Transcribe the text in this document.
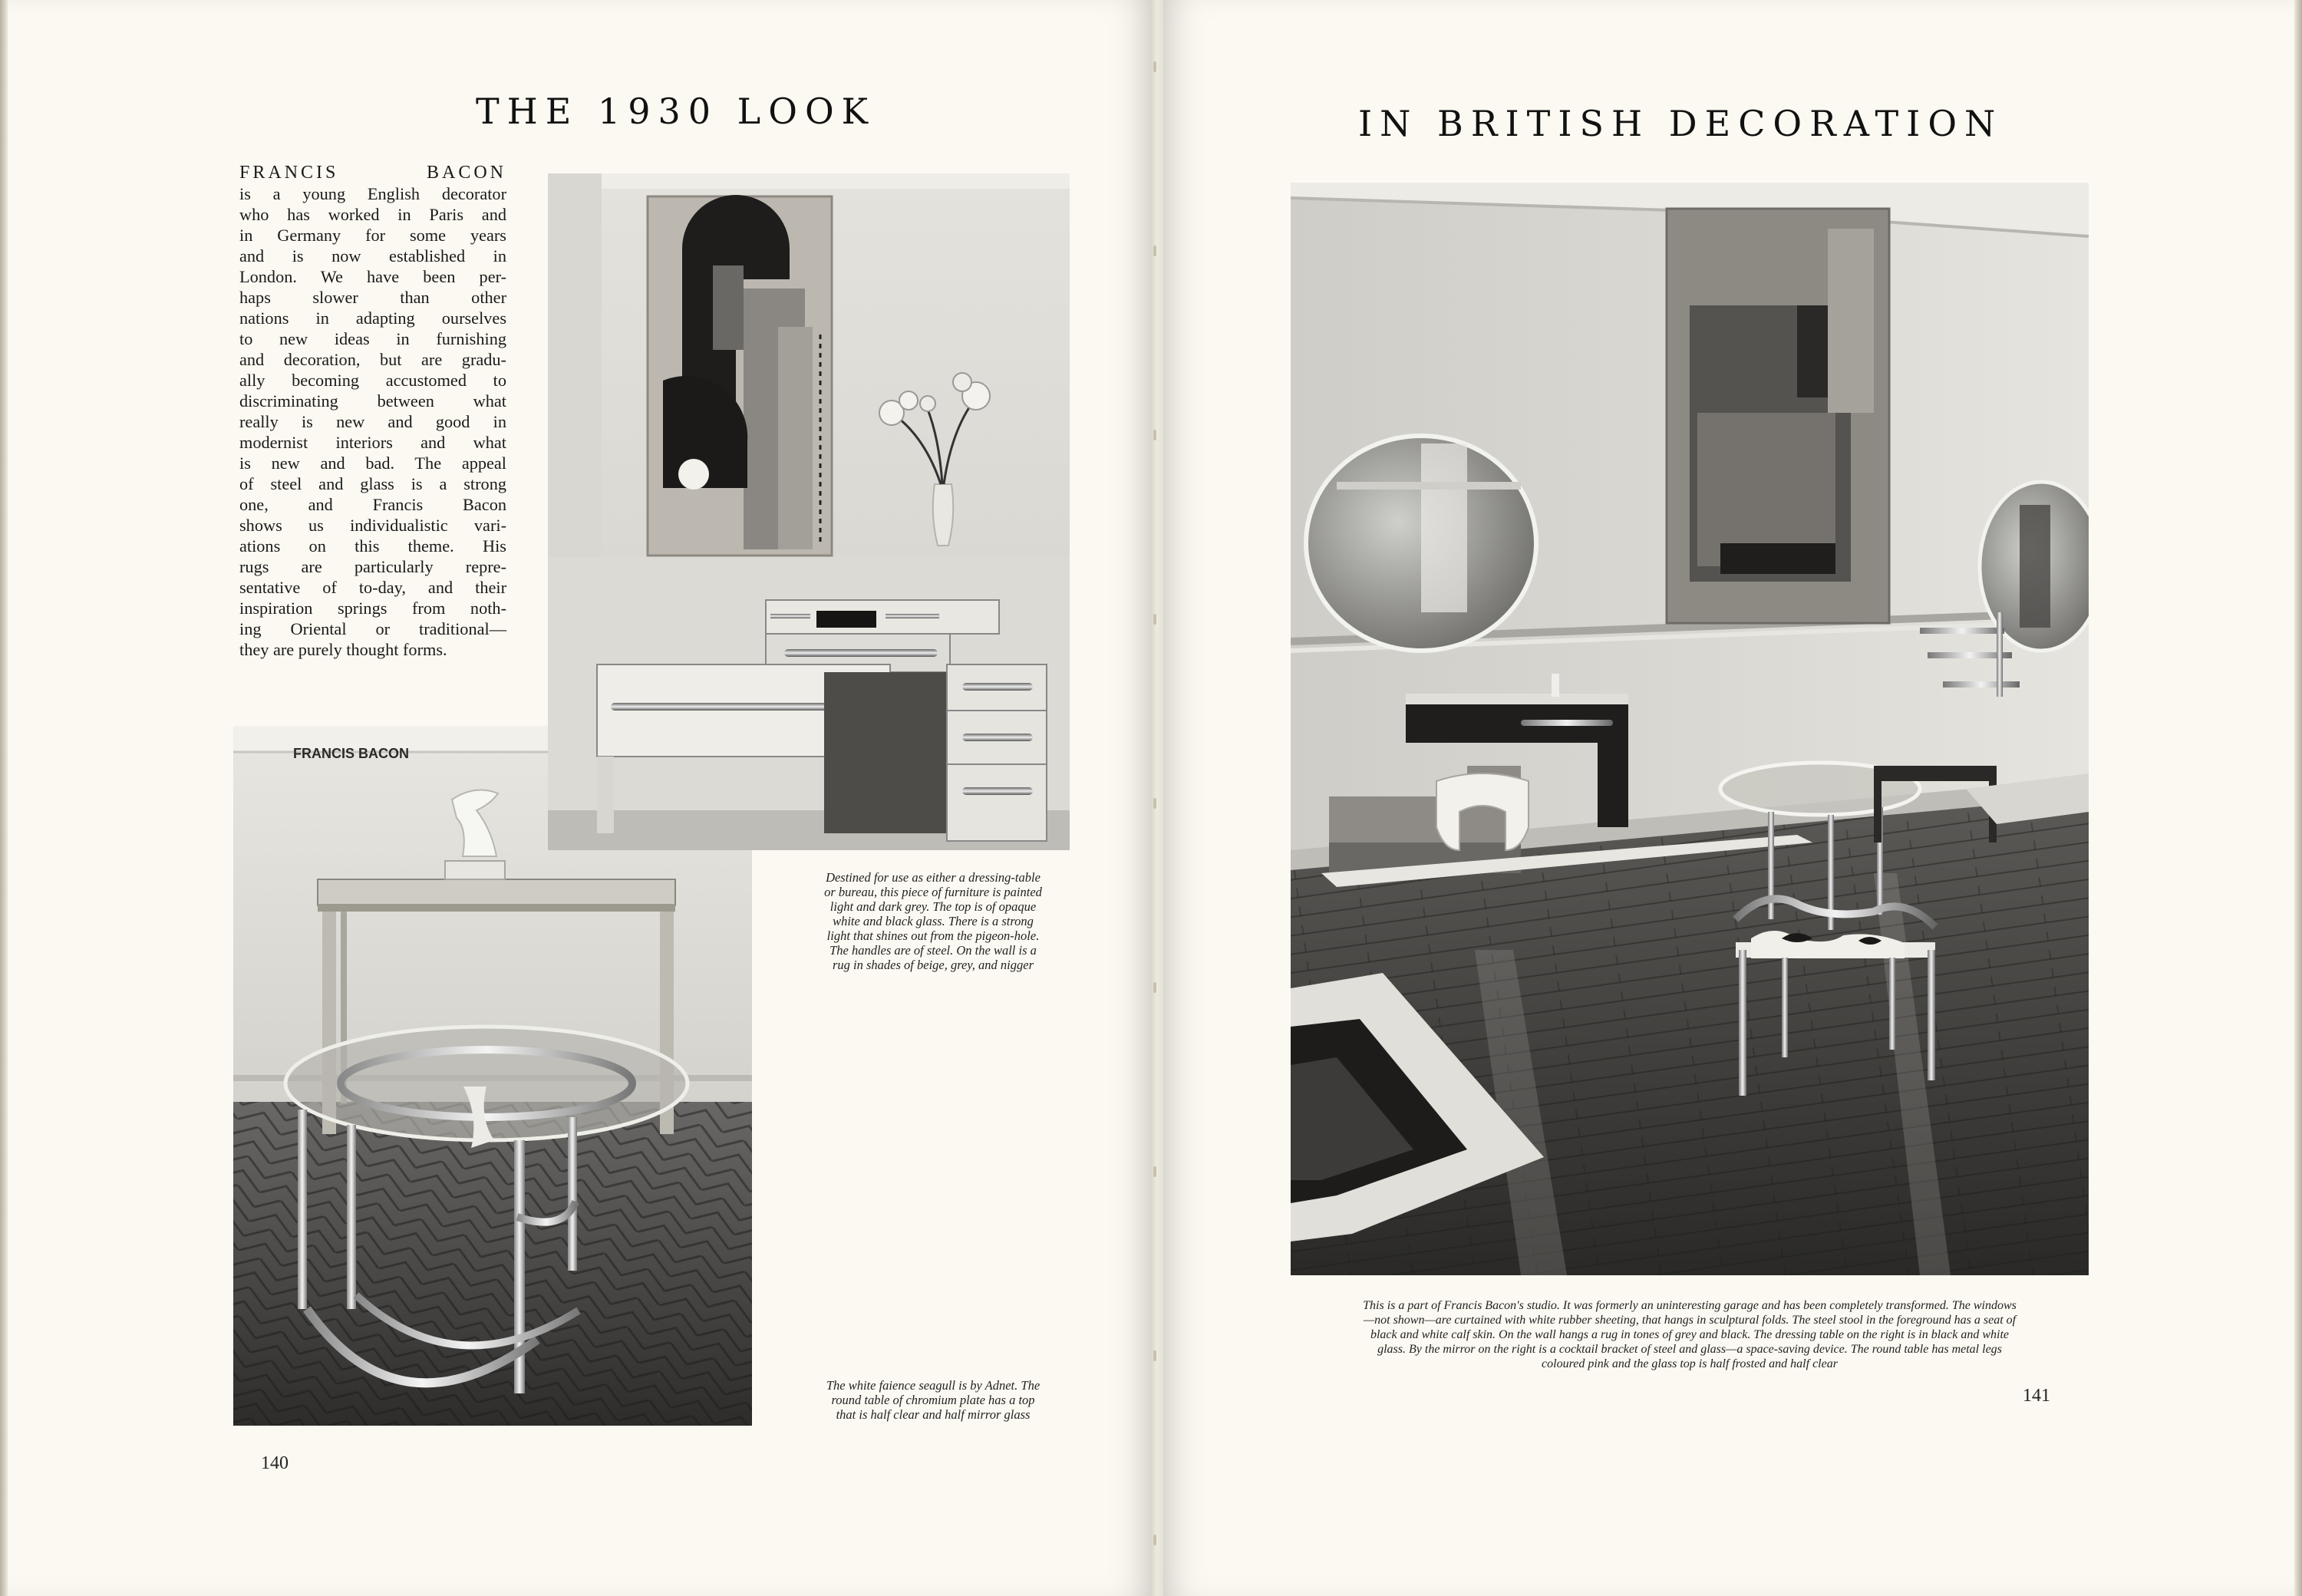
THE 1930 LOOK
FRANCIS BACON
is a young English decorator
who has worked in Paris and
in Germany for some years
and is now established in
London. We have been per-
haps slower than other
nations in adapting ourselves
to new ideas in furnishing
and decoration, but are gradu-
ally becoming accustomed to
discriminating between what
really is new and good in
modernist interiors and what
is new and bad. The appeal
of steel and glass is a strong
one, and Francis Bacon
shows us individualistic vari-
ations on this theme. His
rugs are particularly repre-
sentative of to-day, and their
inspiration springs from noth-
ing Oriental or traditional—
they are purely thought forms.
FRANCIS BACON
Destined for use as either a dressing-table
or bureau, this piece of furniture is painted
light and dark grey. The top is of opaque
white and black glass. There is a strong
light that shines out from the pigeon-hole.
The handles are of steel. On the wall is a
rug in shades of beige, grey, and nigger
The white faience seagull is by Adnet. The
round table of chromium plate has a top
that is half clear and half mirror glass
140
IN BRITISH DECORATION
This is a part of Francis Bacon's studio. It was formerly an uninteresting garage and has been completely transformed. The windows
—not shown—are curtained with white rubber sheeting, that hangs in sculptural folds. The steel stool in the foreground has a seat of
black and white calf skin. On the wall hangs a rug in tones of grey and black. The dressing table on the right is in black and white
glass. By the mirror on the right is a cocktail bracket of steel and glass—a space-saving device. The round table has metal legs
coloured pink and the glass top is half frosted and half clear
141
